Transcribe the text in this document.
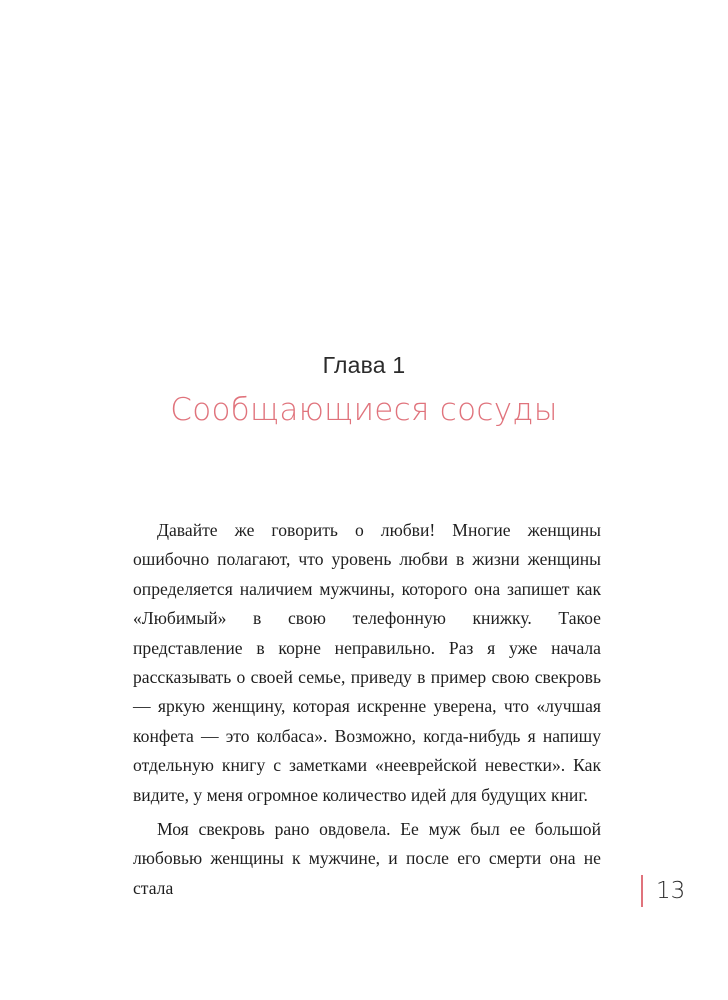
Глава 1
Сообщающиеся сосуды

Давайте же говорить о любви! Многие женщины ошибочно полагают, что уровень любви в жизни женщины определяется наличием мужчины, которого она запишет как «Любимый» в свою телефонную книжку. Такое представление в корне неправильно. Раз я уже начала рассказывать о своей семье, приведу в пример свою свекровь — яркую женщину, которая искренне уверена, что «лучшая конфета — это колбаса». Возможно, когда-нибудь я напишу отдельную книгу с заметками «нееврейской невестки». Как видите, у меня огромное количество идей для будущих книг.

Моя свекровь рано овдовела. Ее муж был ее большой любовью женщины к мужчине, и после его смерти она не стала	13
